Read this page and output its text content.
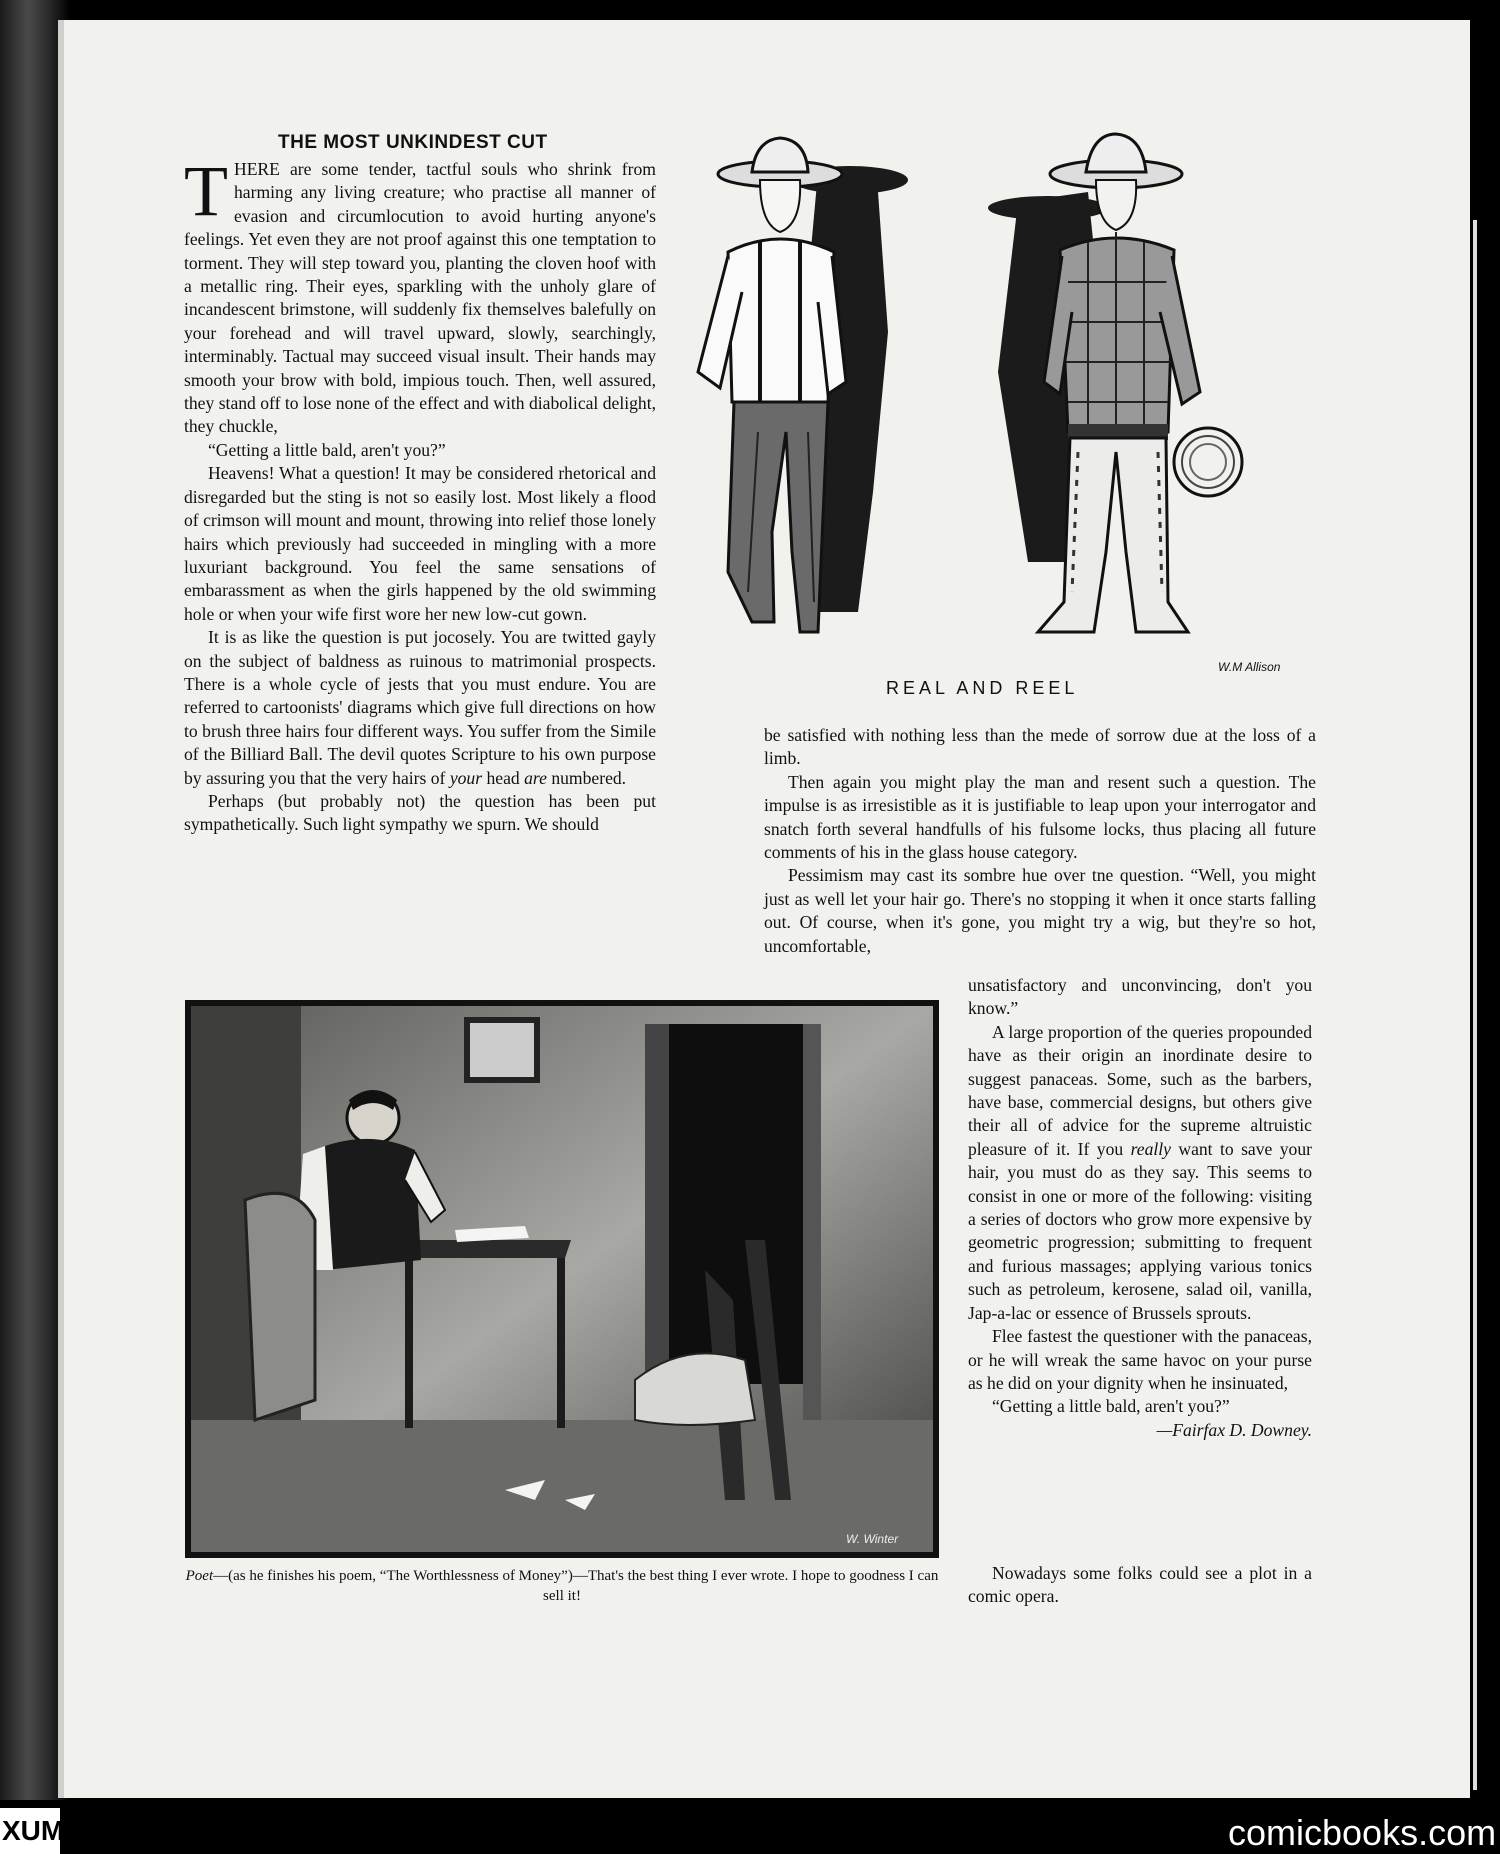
THE MOST UNKINDEST CUT

THERE are some tender, tactful souls who shrink from harming any living creature; who practise all manner of evasion and circumlocution to avoid hurting anyone's feelings. Yet even they are not proof against this one temptation to torment. They will step toward you, planting the cloven hoof with a metallic ring. Their eyes, sparkling with the unholy glare of incandescent brimstone, will suddenly fix themselves balefully on your forehead and will travel upward, slowly, searchingly, interminably. Tactual may succeed visual insult. Their hands may smooth your brow with bold, impious touch. Then, well assured, they stand off to lose none of the effect and with diabolical delight, they chuckle,

“Getting a little bald, aren't you?”

Heavens! What a question! It may be considered rhetorical and disregarded but the sting is not so easily lost. Most likely a flood of crimson will mount and mount, throwing into relief those lonely hairs which previously had succeeded in mingling with a more luxuriant background. You feel the same sensations of embarassment as when the girls happened by the old swimming hole or when your wife first wore her new low-cut gown.

It is as like the question is put jocosely. You are twitted gayly on the subject of baldness as ruinous to matrimonial prospects. There is a whole cycle of jests that you must endure. You are referred to cartoonists' diagrams which give full directions on how to brush three hairs four different ways. You suffer from the Simile of the Billiard Ball. The devil quotes Scripture to his own purpose by assuring you that the very hairs of your head are numbered.

Perhaps (but probably not) the question has been put sympathetically. Such light sympathy we spurn. We should

W.M Allison
REAL AND REEL

be satisfied with nothing less than the mede of sorrow due at the loss of a limb.

Then again you might play the man and resent such a question. The impulse is as irresistible as it is justifiable to leap upon your interrogator and snatch forth several handfulls of his fulsome locks, thus placing all future comments of his in the glass house category.

Pessimism may cast its sombre hue over tne question. “Well, you might just as well let your hair go. There's no stopping it when it once starts falling out. Of course, when it's gone, you might try a wig, but they're so hot, uncomfortable,

W. Winter
Poet—(as he finishes his poem, “The Worthlessness of Money”)—That's the best thing I ever wrote. I hope to goodness I can sell it!

unsatisfactory and unconvincing, don't you know.”

A large proportion of the queries propounded have as their origin an inordinate desire to suggest panaceas. Some, such as the barbers, have base, commercial designs, but others give their all of advice for the supreme altruistic pleasure of it. If you really want to save your hair, you must do as they say. This seems to consist in one or more of the following: visiting a series of doctors who grow more expensive by geometric progression; submitting to frequent and furious massages; applying various tonics such as petroleum, kerosene, salad oil, vanilla, Jap-a-lac or essence of Brussels sprouts.

Flee fastest the questioner with the panaceas, or he will wreak the same havoc on your purse as he did on your dignity when he insinuated,

“Getting a little bald, aren't you?”

—Fairfax D. Downey.

Nowadays some folks could see a plot in a comic opera.

XUM	comicbooks.com
